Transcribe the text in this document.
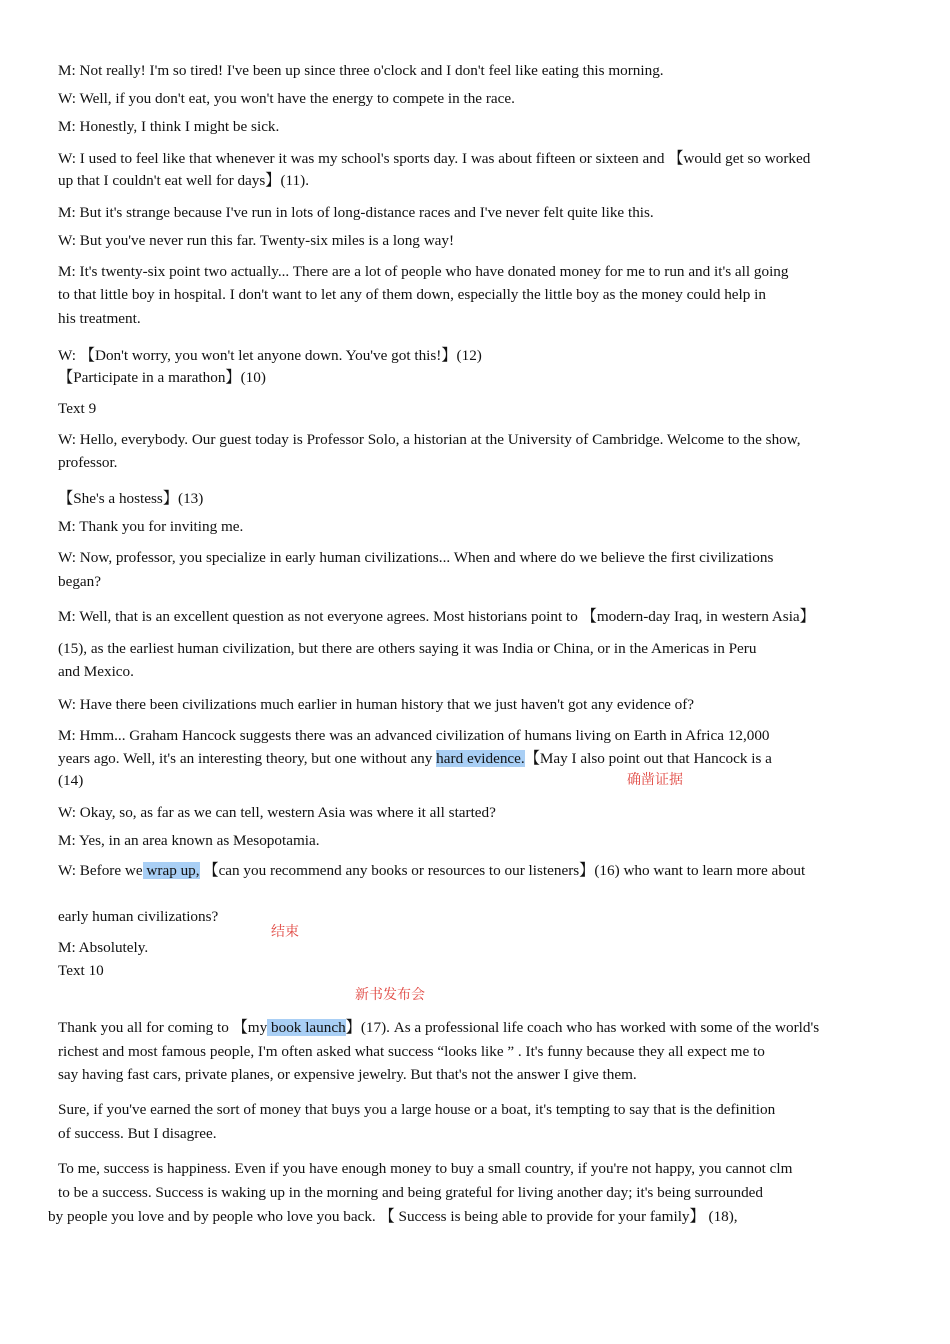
M: Not really! I'm so tired! I've been up since three o'clock and I don't feel like eating this morning.
W: Well, if you don't eat, you won't have the energy to compete in the race.
M: Honestly, I think I might be sick.
W: I used to feel like that whenever it was my school's sports day. I was about fifteen or sixteen and 【would get so worked
up that I couldn't eat well for days】(11).
M: But it's strange because I've run in lots of long-distance races and I've never felt quite like this.
W: But you've never run this far. Twenty-six miles is a long way!
M: It's twenty-six point two actually... There are a lot of people who have donated money for me to run and it's all going
to that little boy in hospital. I don't want to let any of them down, especially the little boy as the money could help in
his treatment.
W: 【Don't worry, you won't let anyone down. You've got this!】(12)
【Participate in a marathon】(10)
Text 9
W: Hello, everybody. Our guest today is Professor Solo, a historian at the University of Cambridge. Welcome to the show,
professor.
【She's a hostess】(13)
M: Thank you for inviting me.
W: Now, professor, you specialize in early human civilizations... When and where do we believe the first civilizations
began?
M: Well, that is an excellent question as not everyone agrees. Most historians point to 【modern-day Iraq, in western Asia】
(15), as the earliest human civilization, but there are others saying it was India or China, or in the Americas in Peru
and Mexico.
W: Have there been civilizations much earlier in human history that we just haven't got any evidence of?
M: Hmm... Graham Hancock suggests there was an advanced civilization of humans living on Earth in Africa 12,000
years ago. Well, it's an interesting theory, but one without any hard evidence.【May I also point out that Hancock is a
(14)
W: Okay, so, as far as we can tell, western Asia was where it all started?
M: Yes, in an area known as Mesopotamia.
W: Before we wrap up, 【can you recommend any books or resources to our listeners】(16) who want to learn more about
early human civilizations?
M: Absolutely.
Text 10
Thank you all for coming to 【my book launch】(17). As a professional life coach who has worked with some of the world's
richest and most famous people, I'm often asked what success “looks like ” . It's funny because they all expect me to
say having fast cars, private planes, or expensive jewelry. But that's not the answer I give them.
Sure, if you've earned the sort of money that buys you a large house or a boat, it's tempting to say that is the definition
of success. But I disagree.
To me, success is happiness. Even if you have enough money to buy a small country, if you're not happy, you cannot clm
to be a success. Success is waking up in the morning and being grateful for living another day; it's being surrounded
by people you love and by people who love you back. 【 Success is being able to provide for your family】 (18),
确凿证据
结束
新书发布会
